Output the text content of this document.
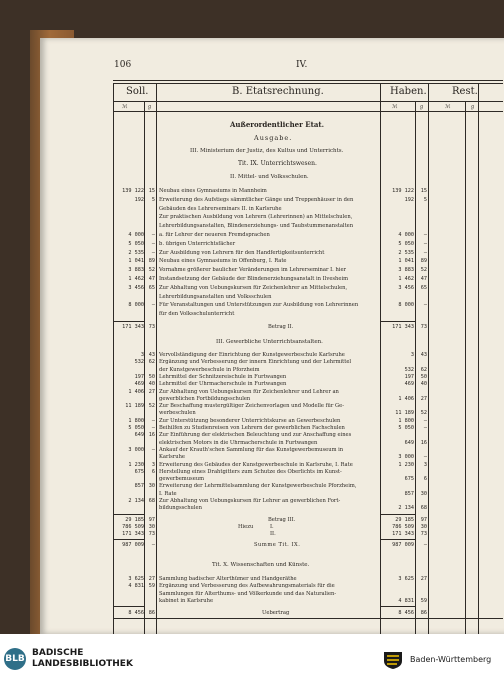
106	IV.
Soll.	B. Etatsrechnung.	Haben.	Rest.
ℳ	ℊ	ℳ	ℊ	ℳ	ℊ
Außerordentlicher Etat.
Ausgabe.
III. Ministerium der Justiz, des Kultus und Unterrichts.
Tit. IX. Unterrichtswesen.
II. Mittel- und Volksschulen.
139 122 15 Neubau eines Gymnasiums in Mannheim	139 122	15
192	5 Erweiterung des Aufstiegs sämmtlicher Gänge und Treppenhäuser in den	192	5
Gebäuden des Lehrerseminars II. in Karlsruhe
Zur praktischen Ausbildung von Lehrern (Lehrerinnen) an Mittelschulen,
Lehrerbildungsanstalten, Blindenerziehungs- und Taubstummenanstalten
4 000	— a. für Lehrer der neueren Fremdsprachen	4 000	—
5 050	— b. übrigen Unterrichtsfächer	5 050	—
2 535	— Zur Ausbildung von Lehrern für den Handfertigkeitsunterricht	2 535	—
1 041 89 Neubau eines Gymnasiums in Offenburg, I. Rate	1 041	89
3 883 52 Vornahme größerer baulicher Veränderungen im Lehrerseminar I. hier	3 883	52
1 462 47 Instandsetzung der Gebäude der Blindenerziehungsanstalt in Ilvesheim	1 462	47
3 456 65 Zur Abhaltung von Uebungskursen für Zeichenlehrer an Mittelschulen,	3 456	65
Lehrerbildungsanstalten und Volksschulen
8 000	— Für Veranstaltungen und Unterstützungen zur Ausbildung von Lehrerinnen	8 000	—
für den Volksschulunterricht
171 343 73	Betrag II.	171 343	73
III. Gewerbliche Unterrichtsanstalten.
3 43 Vervollständigung der Einrichtung der Kunstgewerbeschule Karlsruhe	3	43
532 62 Ergänzung und Verbesserung der innern Einrichtung und der Lehrmittel
der Kunstgewerbeschule in Pforzheim	532	62
197 50 Lehrmittel der Schnitzereischule in Furtwangen	197	50
469 40 Lehrmittel der Uhrmacherschule in Furtwangen	469	40
1 406 27 Zur Abhaltung von Uebungskursen für Zeichenlehrer und Lehrer an
gewerblichen Fortbildungsschulen	1 406	27
11 189 52 Zur Beschaffung mustergültiger Zeichenvorlagen und Modelle für Ge-
werbeschulen	11 189	52
1 800	— Zur Unterstützung besonderer Unterrichtskurse an Gewerbeschulen	1 800	—
5 050	— Beihilfen zu Studienreisen von Lehrern der gewerblichen Fachschulen	5 050	—
649 16 Zur Einführung der elektrischen Beleuchtung und zur Anschaffung eines
elektrischen Motors in die Uhrmacherschule in Furtwangen	649	16
3 000	— Ankauf der Krauth'schen Sammlung für das Kunstgewerbemuseum in
Karlsruhe	3 000	—
1 230	3 Erweiterung des Gebäudes der Kunstgewerbeschule in Karlsruhe, I. Rate	1 230	3
675	6 Herstellung eines Drahtgitters zum Schutze des Oberlichts im Kunst-
gewerbemuseum	675	6
857 30 Erweiterung der Lehrmittelsammlung der Kunstgewerbeschule Pforzheim,
I. Rate	857	30
2 134 68 Zur Abhaltung von Uebungskursen für Lehrer an gewerblichen Fort-
bildungsschulen	2 134	68
29 185 97	Betrag III.	29 185	97
786 509 30	Hiezu	I.	786 509	30
171 343 73	II.	171 343	73
987 009	—	Summe Tit. IX.	987 009	—
Tit. X. Wissenschaften und Künste.
3 625 27 Sammlung badischer Alterthümer und Handgeräthe	3 625	27
4 831 59 Ergänzung und Verbesserung des Aufbewahrungsmaterials für die
Sammlungen für Alterthums- und Völkerkunde und das Naturalien-
kabinet in Karlsruhe	4 831	59
8 456 86	Uebertrag	8 456	86
BLB
BADISCHE
LANDESBIBLIOTHEK	Baden-Württemberg
